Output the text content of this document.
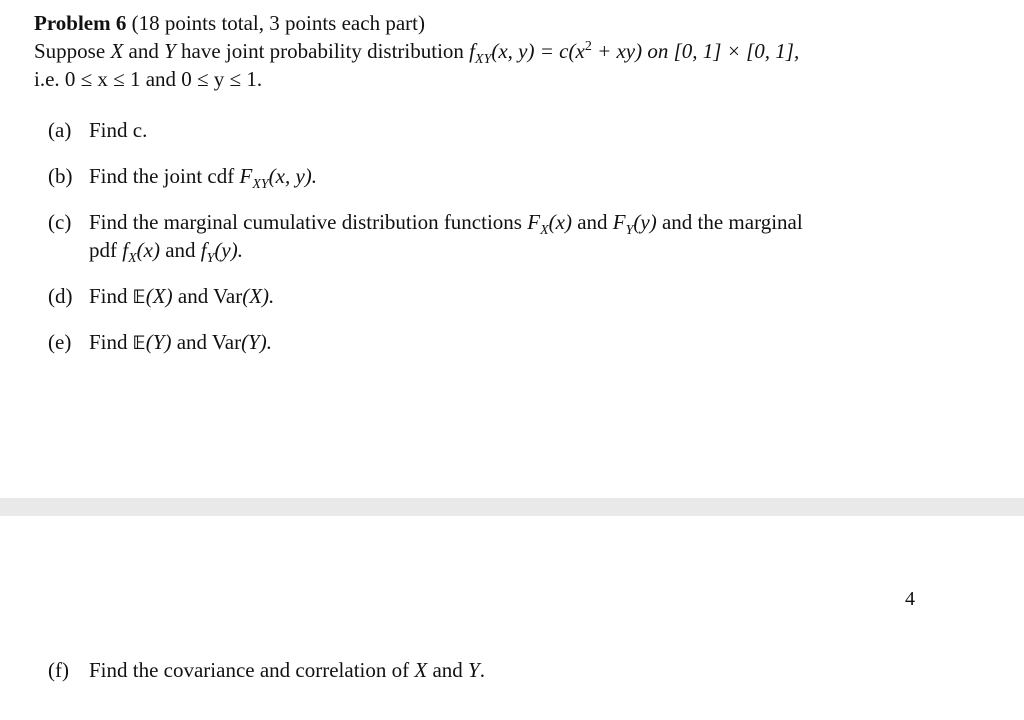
Problem 6 (18 points total, 3 points each part)
Suppose X and Y have joint probability distribution $f_{XY}(x$, $y) = c(x^2 + xy)$ on [0, 1] × [0, 1],
i.e. 0 ≤ x ≤ 1 and 0 ≤ y ≤ 1.
(a) Find c.
(b) Find the joint cdf $F_{XY}(x$, y).
(c) Find the marginal cumulative distribution functions $F_X(x)$ and $F_Y(y)$ and the marginal
pdf $f_X(x)$ and $f_Y(y)$.
(d) Find 𝔼(X) and Var(X).
(e) Find 𝔼(Y) and Var(Y).
4
(f) Find the covariance and correlation of X and Y.
